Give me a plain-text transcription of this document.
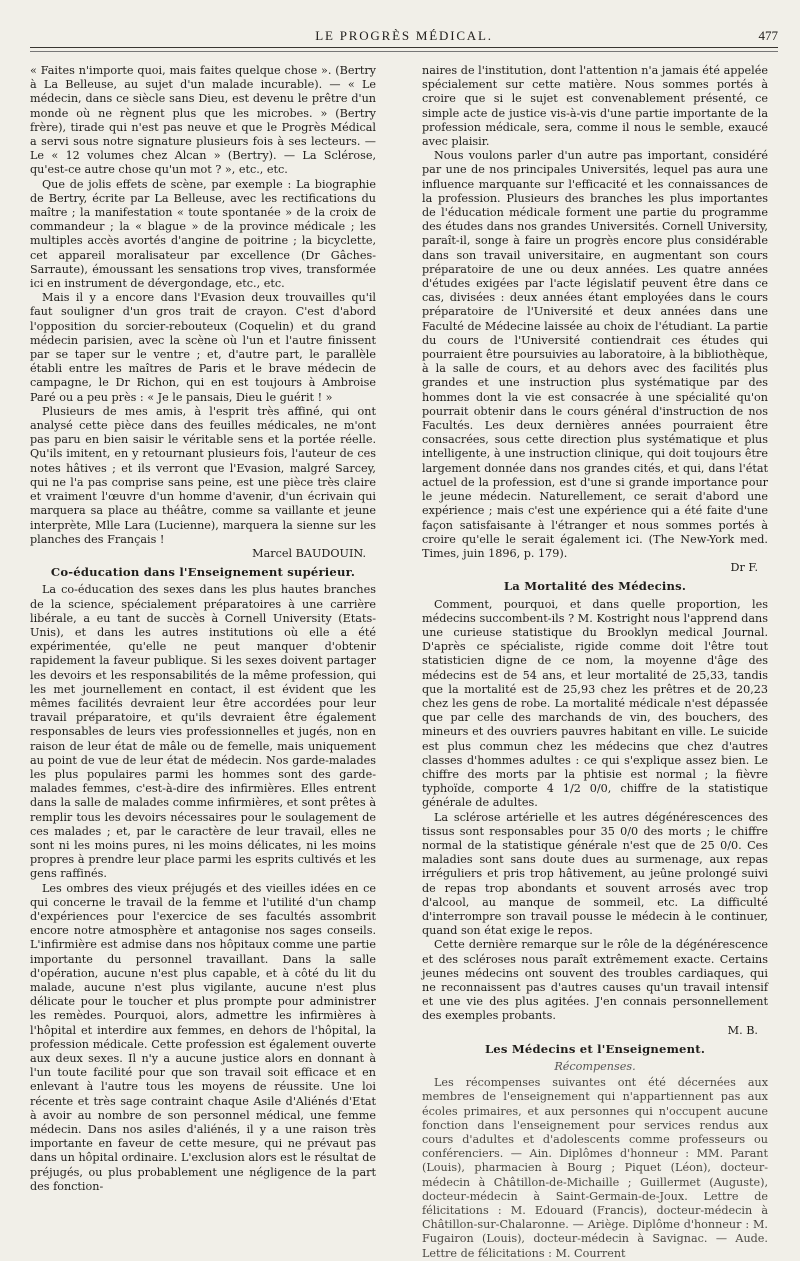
LE PROGRÈS MÉDICAL.	477

« Faites n'importe quoi, mais faites quelque chose ». (Bertry à La Belleuse, au sujet d'un malade incurable). — « Le médecin, dans ce siècle sans Dieu, est devenu le prêtre d'un monde où ne règnent plus que les microbes. » (Bertry frère), tirade qui n'est pas neuve et que le Progrès Médical a servi sous notre signature plusieurs fois à ses lecteurs. — Le « 12 volumes chez Alcan » (Bertry). — La Sclérose, qu'est-ce autre chose qu'un mot ? », etc., etc.

Que de jolis effets de scène, par exemple : La biographie de Bertry, écrite par La Belleuse, avec les rectifications du maître ; la manifestation « toute spontanée » de la croix de commandeur ; la « blague » de la province médicale ; les multiples accès avortés d'angine de poitrine ; la bicyclette, cet appareil moralisateur par excellence (Dr Gâches-Sarraute), émoussant les sensations trop vives, transformée ici en instrument de dévergondage, etc., etc.

Mais il y a encore dans l'Evasion deux trouvailles qu'il faut souligner d'un gros trait de crayon. C'est d'abord l'opposition du sorcier-rebouteux (Coquelin) et du grand médecin parisien, avec la scène où l'un et l'autre finissent par se taper sur le ventre ; et, d'autre part, le parallèle établi entre les maîtres de Paris et le brave médecin de campagne, le Dr Richon, qui en est toujours à Ambroise Paré ou a peu près : « Je le pansais, Dieu le guérit ! »

Plusieurs de mes amis, à l'esprit très affiné, qui ont analysé cette pièce dans des feuilles médicales, ne m'ont pas paru en bien saisir le véritable sens et la portée réelle. Qu'ils imitent, en y retournant plusieurs fois, l'auteur de ces notes hâtives ; et ils verront que l'Evasion, malgré Sarcey, qui ne l'a pas comprise sans peine, est une pièce très claire et vraiment l'œuvre d'un homme d'avenir, d'un écrivain qui marquera sa place au théâtre, comme sa vaillante et jeune interprète, Mlle Lara (Lucienne), marquera la sienne sur les planches des Français !

Marcel BAUDOUIN.
Co-éducation dans l'Enseignement supérieur.

La co-éducation des sexes dans les plus hautes branches de la science, spécialement préparatoires à une carrière libérale, a eu tant de succès à Cornell University (Etats-Unis), et dans les autres institutions où elle a été expérimentée, qu'elle ne peut manquer d'obtenir rapidement la faveur publique. Si les sexes doivent partager les devoirs et les responsabilités de la même profession, qui les met journellement en contact, il est évident que les mêmes facilités devraient leur être accordées pour leur travail préparatoire, et qu'ils devraient être également responsables de leurs vies professionnelles et jugés, non en raison de leur état de mâle ou de femelle, mais uniquement au point de vue de leur état de médecin. Nos garde-malades les plus populaires parmi les hommes sont des garde-malades femmes, c'est-à-dire des infirmières. Elles entrent dans la salle de malades comme infirmières, et sont prêtes à remplir tous les devoirs nécessaires pour le soulagement de ces malades ; et, par le caractère de leur travail, elles ne sont ni les moins pures, ni les moins délicates, ni les moins propres à prendre leur place parmi les esprits cultivés et les gens raffinés.

Les ombres des vieux préjugés et des vieilles idées en ce qui concerne le travail de la femme et l'utilité d'un champ d'expériences pour l'exercice de ses facultés assombrit encore notre atmosphère et antagonise nos sages conseils. L'infirmière est admise dans nos hôpitaux comme une partie importante du personnel travaillant. Dans la salle d'opération, aucune n'est plus capable, et à côté du lit du malade, aucune n'est plus vigilante, aucune n'est plus délicate pour le toucher et plus prompte pour administrer les remèdes. Pourquoi, alors, admettre les infirmières à l'hôpital et interdire aux femmes, en dehors de l'hôpital, la profession médicale. Cette profession est également ouverte aux deux sexes. Il n'y a aucune justice alors en donnant à l'un toute facilité pour que son travail soit efficace et en enlevant à l'autre tous les moyens de réussite. Une loi récente et très sage contraint chaque Asile d'Aliénés d'Etat à avoir au nombre de son personnel médical, une femme médecin. Dans nos asiles d'aliénés, il y a une raison très importante en faveur de cette mesure, qui ne prévaut pas dans un hôpital ordinaire. L'exclusion alors est le résultat de préjugés, ou plus probablement une négligence de la part des fonction-

naires de l'institution, dont l'attention n'a jamais été appelée spécialement sur cette matière. Nous sommes portés à croire que si le sujet est convenablement présenté, ce simple acte de justice vis-à-vis d'une partie importante de la profession médicale, sera, comme il nous le semble, exaucé avec plaisir.

Nous voulons parler d'un autre pas important, considéré par une de nos principales Universités, lequel pas aura une influence marquante sur l'efficacité et les connaissances de la profession. Plusieurs des branches les plus importantes de l'éducation médicale forment une partie du programme des études dans nos grandes Universités. Cornell University, paraît-il, songe à faire un progrès encore plus considérable dans son travail universitaire, en augmentant son cours préparatoire de une ou deux années. Les quatre années d'études exigées par l'acte législatif peuvent être dans ce cas, divisées : deux années étant employées dans le cours préparatoire de l'Université et deux années dans une Faculté de Médecine laissée au choix de l'étudiant. La partie du cours de l'Université contiendrait ces études qui pourraient être poursuivies au laboratoire, à la bibliothèque, à la salle de cours, et au dehors avec des facilités plus grandes et une instruction plus systématique par des hommes dont la vie est consacrée à une spécialité qu'on pourrait obtenir dans le cours général d'instruction de nos Facultés. Les deux dernières années pourraient être consacrées, sous cette direction plus systématique et plus intelligente, à une instruction clinique, qui doit toujours être largement donnée dans nos grandes cités, et qui, dans l'état actuel de la profession, est d'une si grande importance pour le jeune médecin. Naturellement, ce serait d'abord une expérience ; mais c'est une expérience qui a été faite d'une façon satisfaisante à l'étranger et nous sommes portés à croire qu'elle le serait également ici. (The New-York med. Times, juin 1896, p. 179).

Dr F.
La Mortalité des Médecins.

Comment, pourquoi, et dans quelle proportion, les médecins succombent-ils ? M. Kostright nous l'apprend dans une curieuse statistique du Brooklyn medical Journal. D'après ce spécialiste, rigide comme doit l'être tout statisticien digne de ce nom, la moyenne d'âge des médecins est de 54 ans, et leur mortalité de 25,33, tandis que la mortalité est de 25,93 chez les prêtres et de 20,23 chez les gens de robe. La mortalité médicale n'est dépassée que par celle des marchands de vin, des bouchers, des mineurs et des ouvriers pauvres habitant en ville. Le suicide est plus commun chez les médecins que chez d'autres classes d'hommes adultes : ce qui s'explique assez bien. Le chiffre des morts par la phtisie est normal ; la fièvre typhoïde, comporte 4 1/2 0/0, chiffre de la statistique générale de adultes.

La sclérose artérielle et les autres dégénérescences des tissus sont responsables pour 35 0/0 des morts ; le chiffre normal de la statistique générale n'est que de 25 0/0. Ces maladies sont sans doute dues au surmenage, aux repas irréguliers et pris trop hâtivement, au jeûne prolongé suivi de repas trop abondants et souvent arrosés avec trop d'alcool, au manque de sommeil, etc. La difficulté d'interrompre son travail pousse le médecin à le continuer, quand son état exige le repos.

Cette dernière remarque sur le rôle de la dégénérescence et des scléroses nous paraît extrêmement exacte. Certains jeunes médecins ont souvent des troubles cardiaques, qui ne reconnaissent pas d'autres causes qu'un travail intensif et une vie des plus agitées. J'en connais personnellement des exemples probants.

M. B.
Les Médecins et l'Enseignement.
Récompenses.

Les récompenses suivantes ont été décernées aux membres de l'enseignement qui n'appartiennent pas aux écoles primaires, et aux personnes qui n'occupent aucune fonction dans l'enseignement pour services rendus aux cours d'adultes et d'adolescents comme professeurs ou conférenciers. — Ain. Diplômes d'honneur : MM. Parant (Louis), pharmacien à Bourg ; Piquet (Léon), docteur-médecin à Châtillon-de-Michaille ; Guillermet (Auguste), docteur-médecin à Saint-Germain-de-Joux. Lettre de félicitations : M. Edouard (Francis), docteur-médecin à Châtillon-sur-Chalaronne. — Ariège. Diplôme d'honneur : M. Fugairon (Louis), docteur-médecin à Savignac. — Aude. Lettre de félicitations : M. Courrent
